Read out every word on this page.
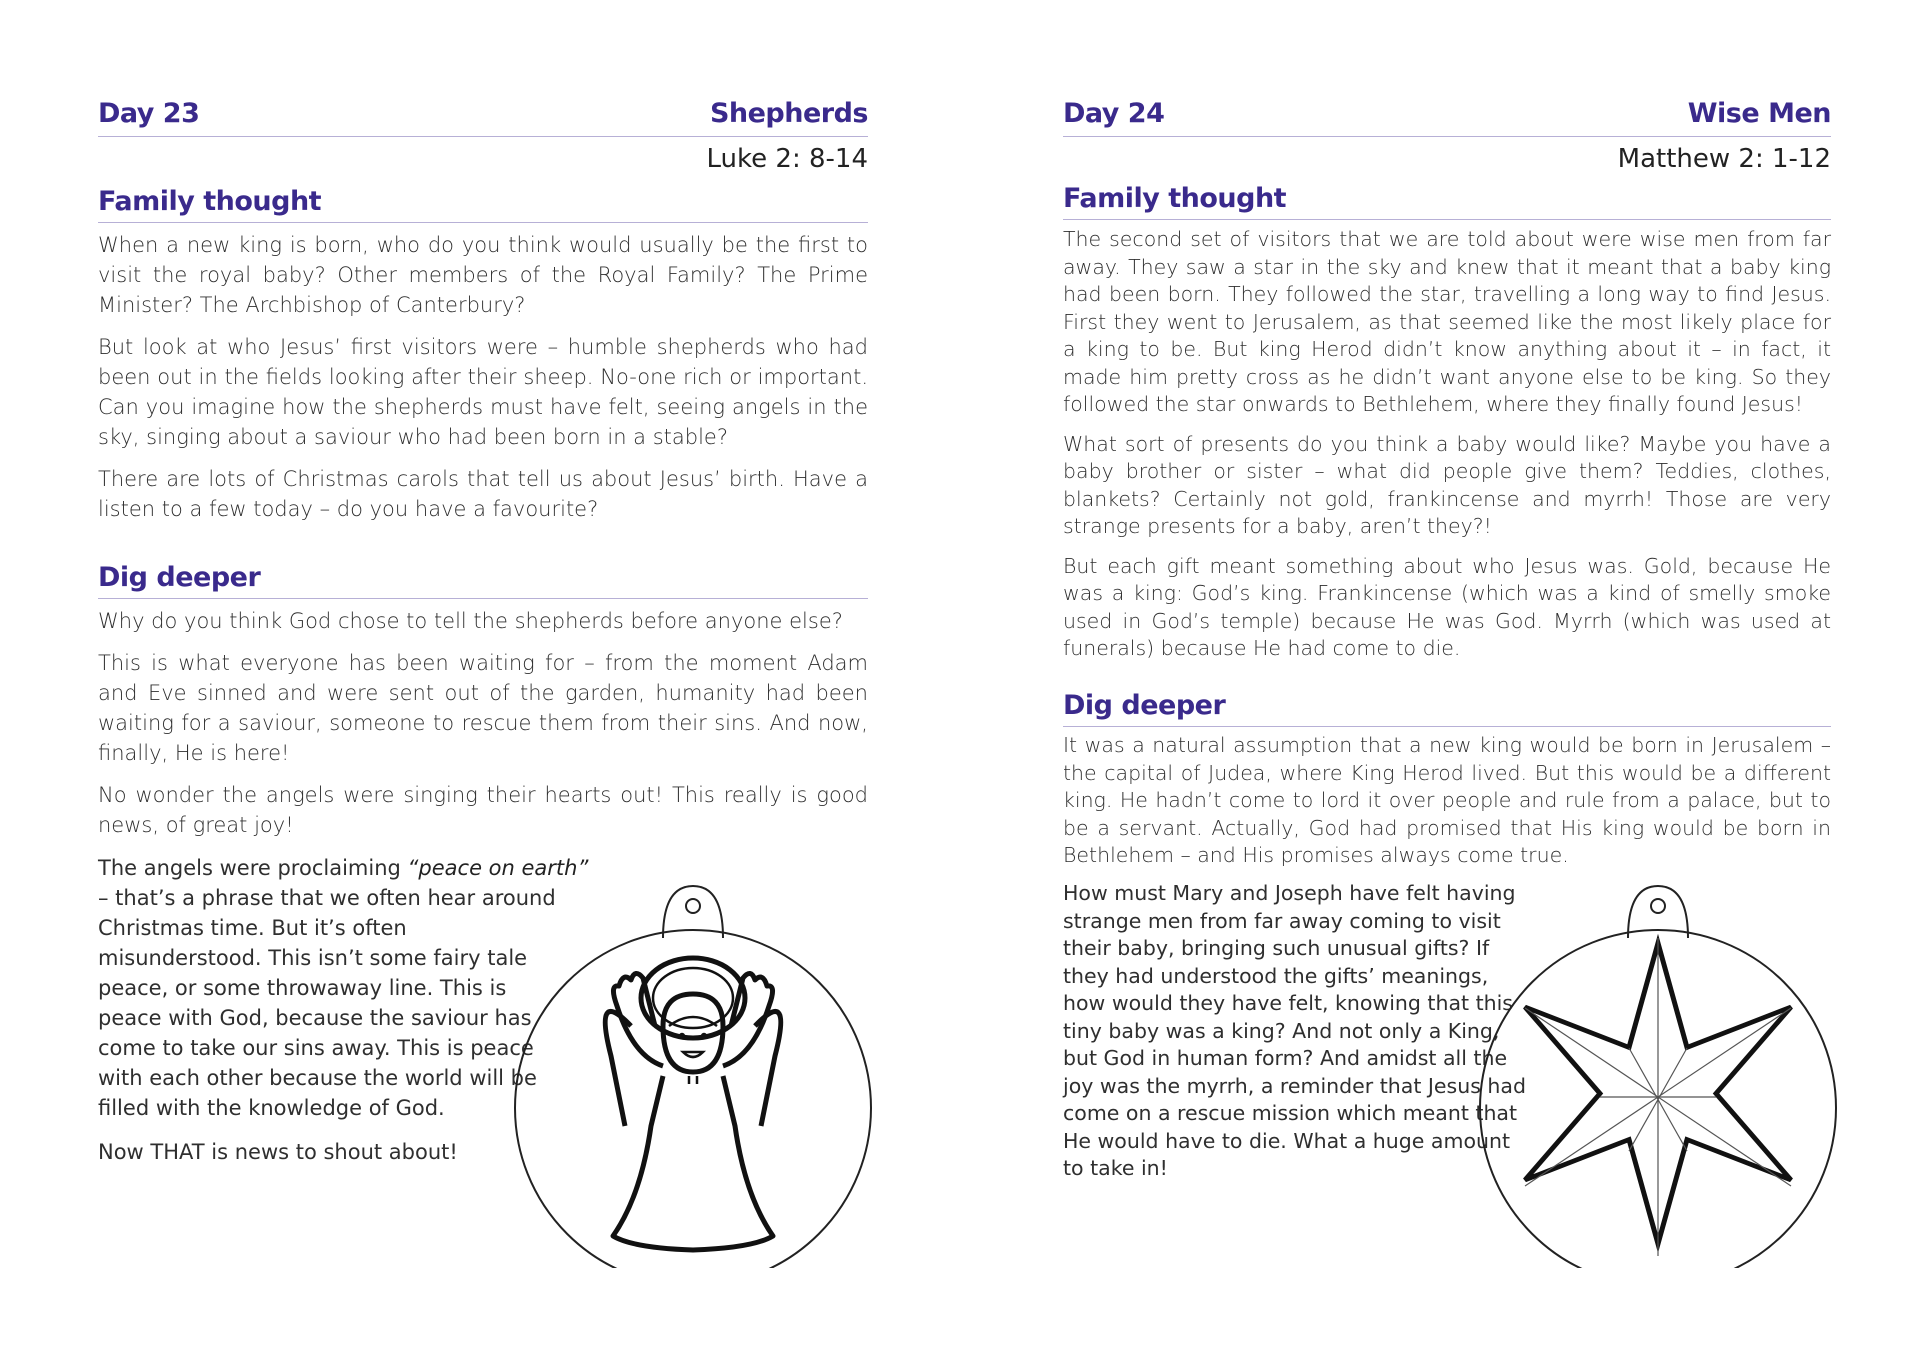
Day 23	Shepherds
Luke 2: 8-14
Family thought

When a new king is born, who do you think would usually be the first to visit the royal baby? Other members of the Royal Family? The Prime Minister? The Archbishop of Canterbury?

But look at who Jesus’ first visitors were – humble shepherds who had been out in the fields looking after their sheep. No-one rich or important. Can you imagine how the shepherds must have felt, seeing angels in the sky, singing about a saviour who had been born in a stable?

There are lots of Christmas carols that tell us about Jesus’ birth. Have a listen to a few today – do you have a favourite?

Dig deeper

Why do you think God chose to tell the shepherds before anyone else?

This is what everyone has been waiting for – from the moment Adam and Eve sinned and were sent out of the garden, humanity had been waiting for a saviour, someone to rescue them from their sins. And now, finally, He is here!

No wonder the angels were singing their hearts out! This really is good news, of great joy!

The angels were proclaiming “peace on earth”
– that’s a phrase that we often hear around Christmas time. But it’s often misunderstood. This isn’t some fairy tale peace, or some throwaway line. This is peace with God, because the saviour has come to take our sins away. This is peace with each other because the world will be filled with the knowledge of God.

Now THAT is news to shout about!

Day 24	Wise Men
Matthew 2: 1-12
Family thought

The second set of visitors that we are told about were wise men from far away. They saw a star in the sky and knew that it meant that a baby king had been born. They followed the star, travelling a long way to find Jesus. First they went to Jerusalem, as that seemed like the most likely place for a king to be. But king Herod didn’t know anything about it – in fact, it made him pretty cross as he didn’t want anyone else to be king. So they followed the star onwards to Bethlehem, where they finally found Jesus!

What sort of presents do you think a baby would like? Maybe you have a baby brother or sister – what did people give them? Teddies, clothes, blankets? Certainly not gold, frankincense and myrrh! Those are very strange presents for a baby, aren’t they?!

But each gift meant something about who Jesus was. Gold, because He was a king: God’s king. Frankincense (which was a kind of smelly smoke used in God’s temple) because He was God. Myrrh (which was used at funerals) because He had come to die.

Dig deeper

It was a natural assumption that a new king would be born in Jerusalem – the capital of Judea, where King Herod lived. But this would be a different king. He hadn’t come to lord it over people and rule from a palace, but to be a servant. Actually, God had promised that His king would be born in Bethlehem – and His promises always come true.

How must Mary and Joseph have felt having strange men from far away coming to visit their baby, bringing such unusual gifts? If they had understood the gifts’ meanings, how would they have felt, knowing that this tiny baby was a king? And not only a King, but God in human form? And amidst all the joy was the myrrh, a reminder that Jesus had come on a rescue mission which meant that He would have to die. What a huge amount to take in!
